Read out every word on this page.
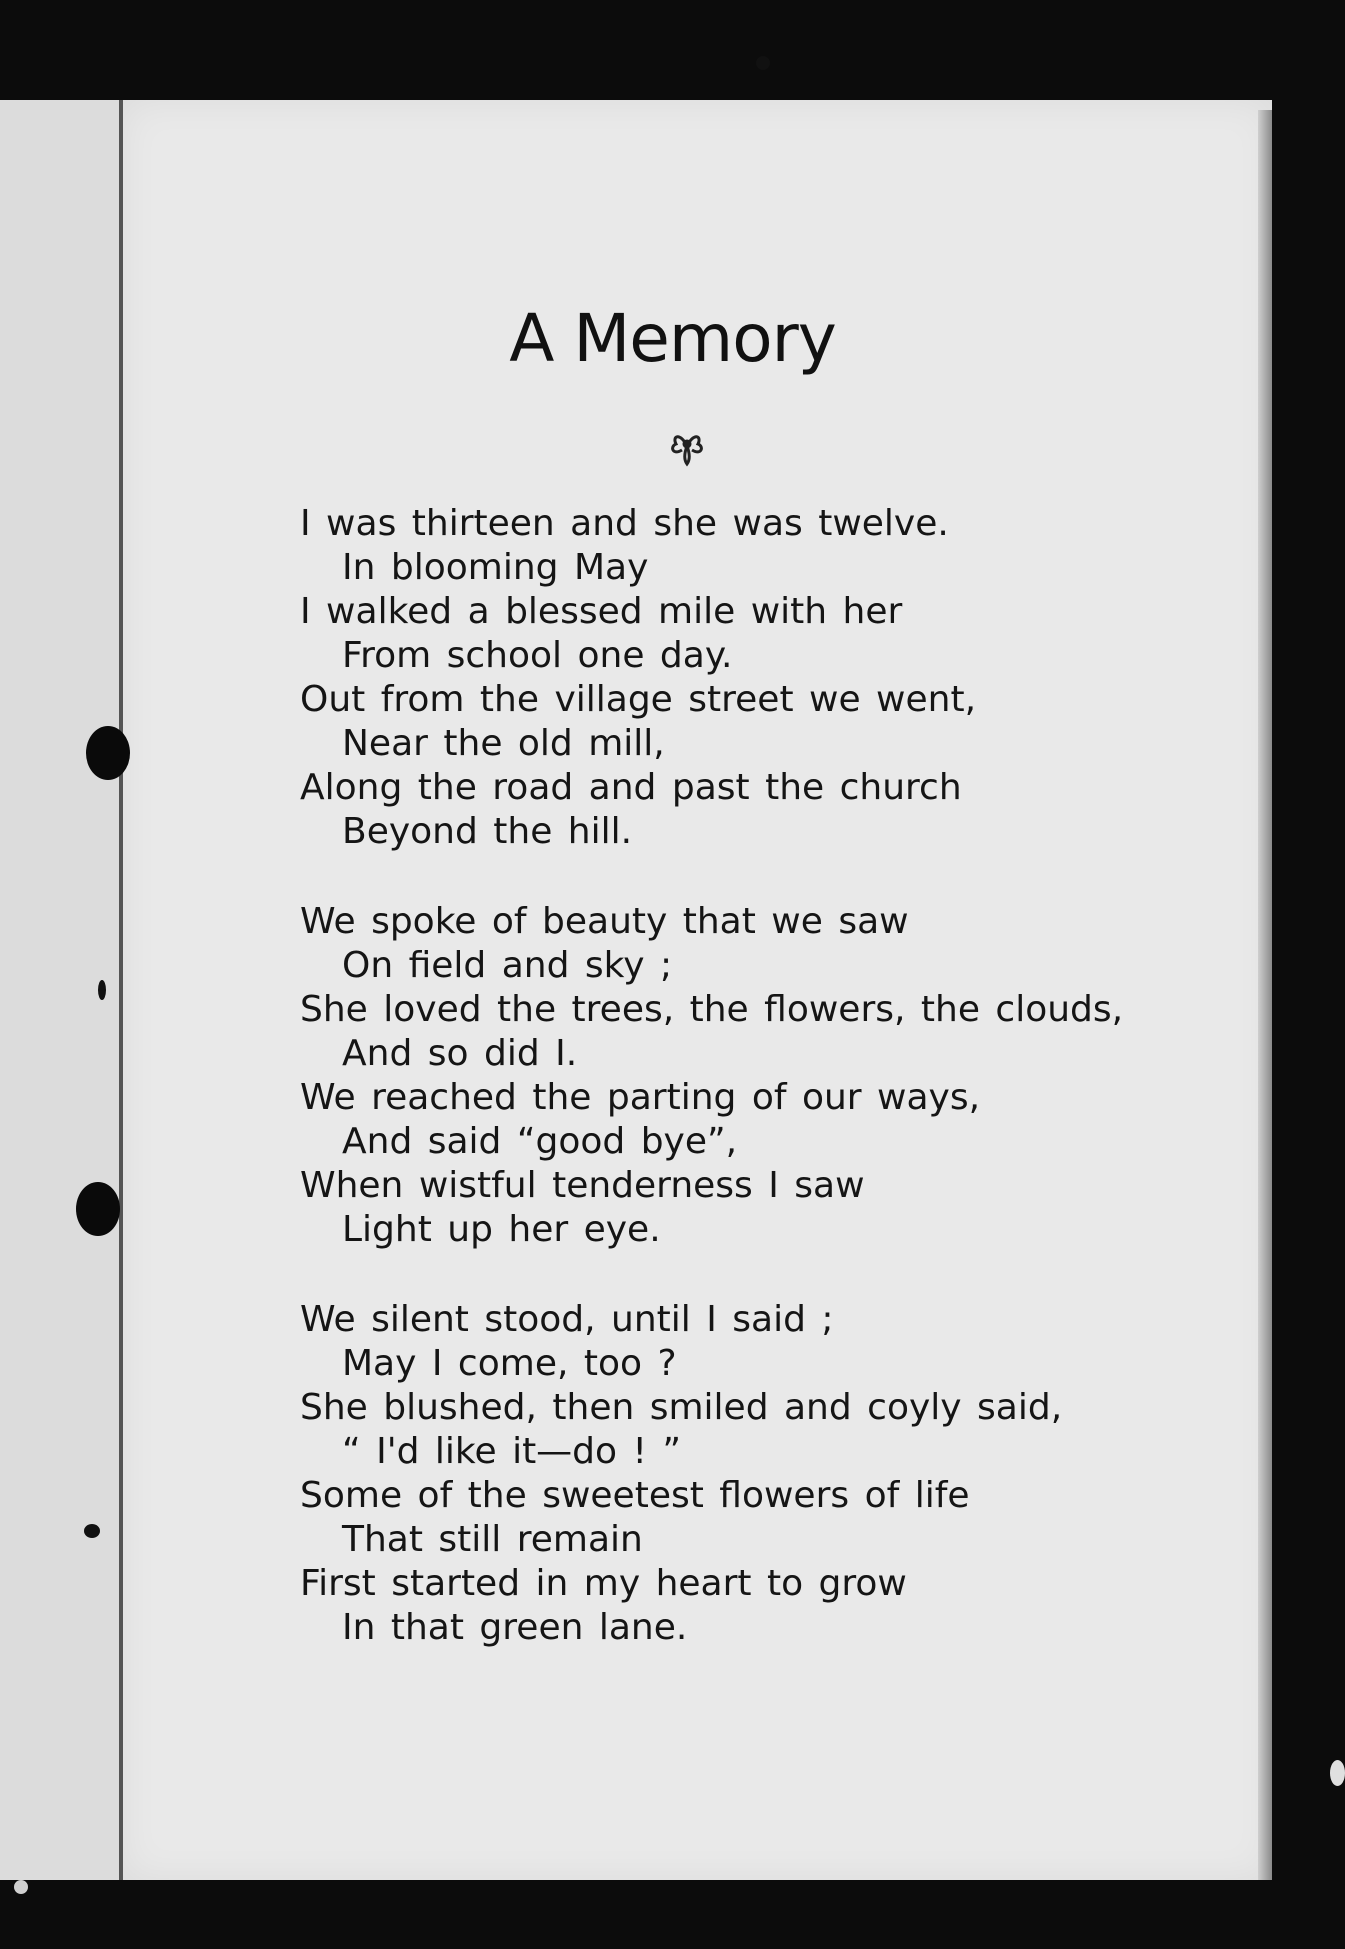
A Memory
I was thirteen and she was twelve.
In blooming May
I walked a blessed mile with her
From school one day.
Out from the village street we went,
Near the old mill,
Along the road and past the church
Beyond the hill.
We spoke of beauty that we saw
On field and sky ;
She loved the trees, the flowers, the clouds,
And so did I.
We reached the parting of our ways,
And said “good bye”,
When wistful tenderness I saw
Light up her eye.
We silent stood, until I said ;
May I come, too ?
She blushed, then smiled and coyly said,
“ I'd like it—do ! ”
Some of the sweetest flowers of life
That still remain
First started in my heart to grow
In that green lane.
